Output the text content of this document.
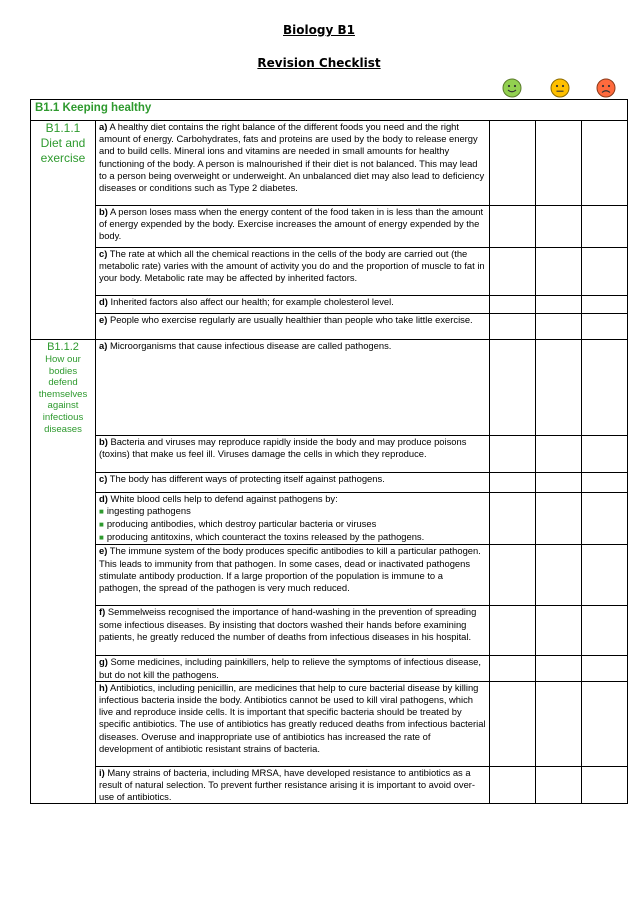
Biology B1
Revision Checklist
B1.1 Keeping healthy				

B1.1.1
Diet and exercise	a) A healthy diet contains the right balance of the different foods you need and the right amount of energy. Carbohydrates, fats and proteins are used by the body to release energy and to build cells. Mineral ions and vitamins are needed in small amounts for healthy functioning of the body. A person is malnourished if their diet is not balanced. This may lead to a person being overweight or underweight. An unbalanced diet may also lead to deficiency diseases or conditions such as Type 2 diabetes.			
	b) A person loses mass when the energy content of the food taken in is less than the amount of energy expended by the body. Exercise increases the amount of energy expended by the body.			
	c) The rate at which all the chemical reactions in the cells of the body are carried out (the metabolic rate) varies with the amount of activity you do and the proportion of muscle to fat in your body. Metabolic rate may be affected by inherited factors.			
	d) Inherited factors also affect our health; for example cholesterol level.			
	e) People who exercise regularly are usually healthier than people who take little exercise.			

B1.1.2
How our bodies defend themselves against infectious diseases	a) Microorganisms that cause infectious disease are called pathogens.			
	b) Bacteria and viruses may reproduce rapidly inside the body and may produce poisons (toxins) that make us feel ill. Viruses damage the cells in which they reproduce.			
	c) The body has different ways of protecting itself against pathogens.			
	d) White blood cells help to defend against pathogens by:
■ ingesting pathogens
■ producing antibodies, which destroy particular bacteria or viruses
■ producing antitoxins, which counteract the toxins released by the pathogens.			

	e) The immune system of the body produces specific antibodies to kill a particular pathogen. This leads to immunity from that pathogen. In some cases, dead or inactivated pathogens stimulate antibody production. If a large proportion of the population is immune to a pathogen, the spread of the pathogen is very much reduced.			
	f) Semmelweiss recognised the importance of hand-washing in the prevention of spreading some infectious diseases. By insisting that doctors washed their hands before examining patients, he greatly reduced the number of deaths from infectious diseases in his hospital.			
	g) Some medicines, including painkillers, help to relieve the symptoms of infectious disease, but do not kill the pathogens.			
	h) Antibiotics, including penicillin, are medicines that help to cure bacterial disease by killing infectious bacteria inside the body. Antibiotics cannot be used to kill viral pathogens, which live and reproduce inside cells. It is important that specific bacteria should be treated by specific antibiotics. The use of antibiotics has greatly reduced deaths from infectious bacterial diseases. Overuse and inappropriate use of antibiotics has increased the rate of development of antibiotic resistant strains of bacteria.			
	i) Many strains of bacteria, including MRSA, have developed resistance to antibiotics as a result of natural selection. To prevent further resistance arising it is important to avoid over-use of antibiotics.			
